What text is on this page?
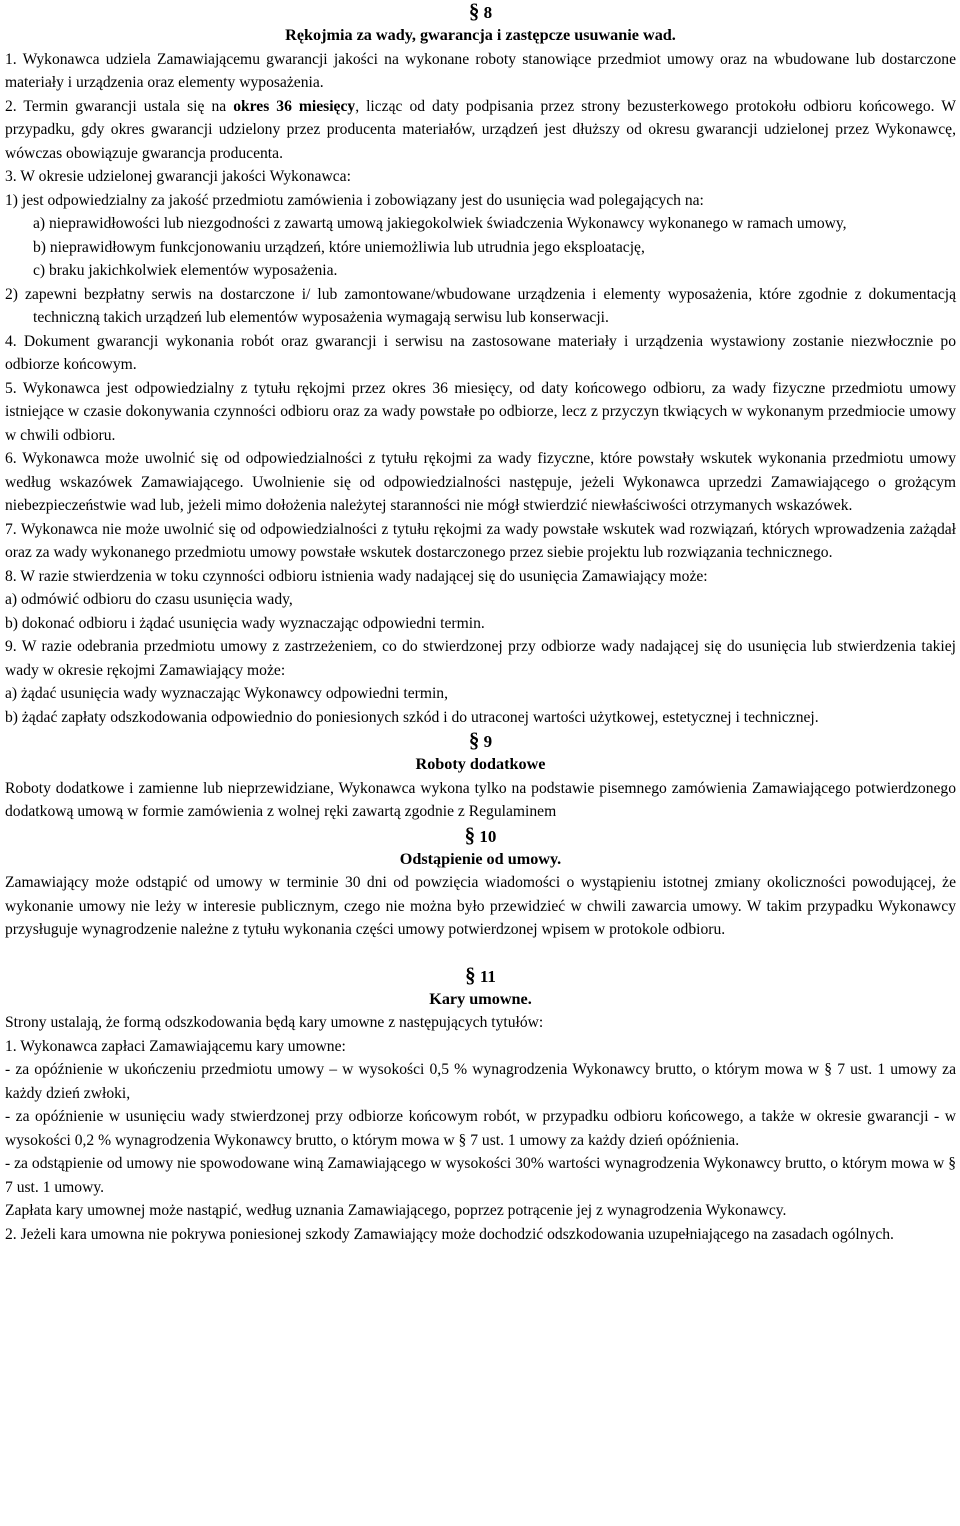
§ 8
Rękojmia za wady, gwarancja i zastępcze usuwanie wad.

1. Wykonawca udziela Zamawiającemu gwarancji jakości na wykonane roboty stanowiące przedmiot umowy oraz na wbudowane lub dostarczone materiały i urządzenia oraz elementy wyposażenia.

2. Termin gwarancji ustala się na okres 36 miesięcy, licząc od daty podpisania przez strony bezusterkowego protokołu odbioru końcowego. W przypadku, gdy okres gwarancji udzielony przez producenta materiałów, urządzeń jest dłuższy od okresu gwarancji udzielonej przez Wykonawcę, wówczas obowiązuje gwarancja producenta.

3. W okresie udzielonej gwarancji jakości Wykonawca:

1) jest odpowiedzialny za jakość przedmiotu zamówienia i zobowiązany jest do usunięcia wad polegających na:

a) nieprawidłowości lub niezgodności z zawartą umową jakiegokolwiek świadczenia Wykonawcy wykonanego w ramach umowy,

b) nieprawidłowym funkcjonowaniu urządzeń, które uniemożliwia lub utrudnia jego eksploatację,

c) braku jakichkolwiek elementów wyposażenia.

2) zapewni bezpłatny serwis na dostarczone i/ lub zamontowane/wbudowane urządzenia i elementy wyposażenia, które zgodnie z dokumentacją techniczną takich urządzeń lub elementów wyposażenia wymagają serwisu lub konserwacji.

4. Dokument gwarancji wykonania robót oraz gwarancji i serwisu na zastosowane materiały i urządzenia wystawiony zostanie niezwłocznie po odbiorze końcowym.

5. Wykonawca jest odpowiedzialny z tytułu rękojmi przez okres 36 miesięcy, od daty końcowego odbioru, za wady fizyczne przedmiotu umowy istniejące w czasie dokonywania czynności odbioru oraz za wady powstałe po odbiorze, lecz z przyczyn tkwiących w wykonanym przedmiocie umowy w chwili odbioru.

6. Wykonawca może uwolnić się od odpowiedzialności z tytułu rękojmi za wady fizyczne, które powstały wskutek wykonania przedmiotu umowy według wskazówek Zamawiającego. Uwolnienie się od odpowiedzialności następuje, jeżeli Wykonawca uprzedzi Zamawiającego o grożącym niebezpieczeństwie wad lub, jeżeli mimo dołożenia należytej staranności nie mógł stwierdzić niewłaściwości otrzymanych wskazówek.

7. Wykonawca nie może uwolnić się od odpowiedzialności z tytułu rękojmi za wady powstałe wskutek wad rozwiązań, których wprowadzenia zażądał oraz za wady wykonanego przedmiotu umowy powstałe wskutek dostarczonego przez siebie projektu lub rozwiązania technicznego.

8. W razie stwierdzenia w toku czynności odbioru istnienia wady nadającej się do usunięcia Zamawiający może:

a) odmówić odbioru do czasu usunięcia wady,

b) dokonać odbioru i żądać usunięcia wady wyznaczając odpowiedni termin.

9. W razie odebrania przedmiotu umowy z zastrzeżeniem, co do stwierdzonej przy odbiorze wady nadającej się do usunięcia lub stwierdzenia takiej wady w okresie rękojmi Zamawiający może:

a) żądać usunięcia wady wyznaczając Wykonawcy odpowiedni termin,

b) żądać zapłaty odszkodowania odpowiednio do poniesionych szkód i do utraconej wartości użytkowej, estetycznej i technicznej.

§ 9
Roboty dodatkowe

Roboty dodatkowe i zamienne lub nieprzewidziane, Wykonawca wykona tylko na podstawie pisemnego zamówienia Zamawiającego potwierdzonego dodatkową umową w formie zamówienia z wolnej ręki zawartą zgodnie z Regulaminem

§ 10
Odstąpienie od umowy.

Zamawiający może odstąpić od umowy w terminie 30 dni od powzięcia wiadomości o wystąpieniu istotnej zmiany okoliczności powodującej, że wykonanie umowy nie leży w interesie publicznym, czego nie można było przewidzieć w chwili zawarcia umowy. W takim przypadku Wykonawcy przysługuje wynagrodzenie należne z tytułu wykonania części umowy potwierdzonej wpisem w protokole odbioru.

§ 11
Kary umowne.

Strony ustalają, że formą odszkodowania będą kary umowne z następujących tytułów:

1. Wykonawca zapłaci Zamawiającemu kary umowne:

- za opóźnienie w ukończeniu przedmiotu umowy – w wysokości 0,5 % wynagrodzenia Wykonawcy brutto, o którym mowa w § 7 ust. 1 umowy za każdy dzień zwłoki,

- za opóźnienie w usunięciu wady stwierdzonej przy odbiorze końcowym robót, w przypadku odbioru końcowego, a także w okresie gwarancji - w wysokości 0,2 % wynagrodzenia Wykonawcy brutto, o którym mowa w § 7 ust. 1 umowy za każdy dzień opóźnienia.

- za odstąpienie od umowy nie spowodowane winą Zamawiającego w wysokości 30% wartości wynagrodzenia Wykonawcy brutto, o którym mowa w § 7 ust. 1 umowy.

Zapłata kary umownej może nastąpić, według uznania Zamawiającego, poprzez potrącenie jej z wynagrodzenia Wykonawcy.

2. Jeżeli kara umowna nie pokrywa poniesionej szkody Zamawiający może dochodzić odszkodowania uzupełniającego na zasadach ogólnych.
